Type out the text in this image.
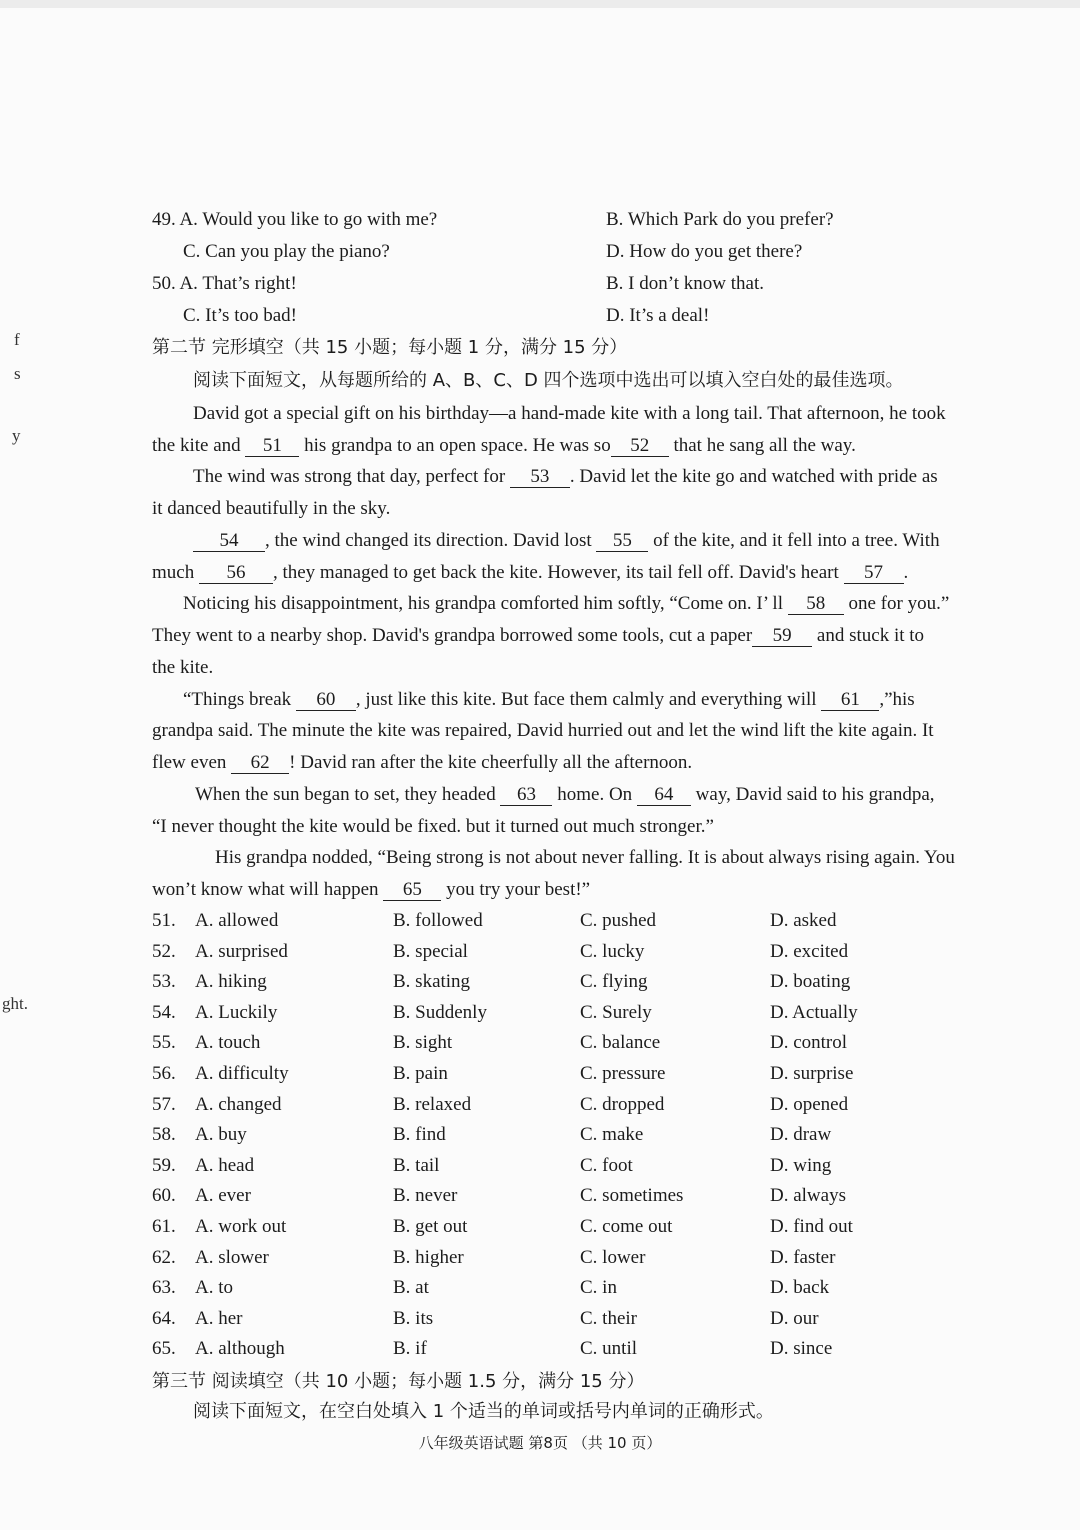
f
s
y
ght.
49. A. Would you like to go with me?	B. Which Park do you prefer?
C. Can you play the piano?	D. How do you get there?
50. A. That’s right!	B. I don’t know that.
C. It’s too bad!	D. It’s a deal!
第二节 完形填空（共 15 小题；每小题 1 分，满分 15 分）
阅读下面短文，从每题所给的 A、B、C、D 四个选项中选出可以填入空白处的最佳选项。
David got a special gift on his birthday—a hand-made kite with a long tail. That afternoon, he took
the kite and 51 his grandpa to an open space. He was so 52 that he sang all the way.
The wind was strong that day, perfect for 53 . David let the kite go and watched with pride as
it danced beautifully in the sky.
54 , the wind changed its direction. David lost 55 of the kite, and it fell into a tree. With
much 56 , they managed to get back the kite. However, its tail fell off. David's heart 57 .
Noticing his disappointment, his grandpa comforted him softly, “Come on. I’ ll 58 one for you.”
They went to a nearby shop. David's grandpa borrowed some tools, cut a paper 59 and stuck it to
the kite.
“Things break 60 , just like this kite. But face them calmly and everything will 61 ,”his
grandpa said. The minute the kite was repaired, David hurried out and let the wind lift the kite again. It
flew even 62 ! David ran after the kite cheerfully all the afternoon.
When the sun began to set, they headed 63 home. On 64 way, David said to his grandpa,
“I never thought the kite would be fixed. but it turned out much stronger.”
His grandpa nodded, “Being strong is not about never falling. It is about always rising again. You
won’t know what will happen 65 you try your best!”
51. A. allowed	B. followed	C. pushed	D. asked
52. A. surprised	B. special	C. lucky	D. excited
53. A. hiking	B. skating	C. flying	D. boating
54. A. Luckily	B. Suddenly	C. Surely	D. Actually
55. A. touch	B. sight	C. balance	D. control
56. A. difficulty	B. pain	C. pressure	D. surprise
57. A. changed	B. relaxed	C. dropped	D. opened
58. A. buy	B. find	C. make	D. draw
59. A. head	B. tail	C. foot	D. wing
60. A. ever	B. never	C. sometimes	D. always
61. A. work out	B. get out	C. come out	D. find out
62. A. slower	B. higher	C. lower	D. faster
63. A. to	B. at	C. in	D. back
64. A. her	B. its	C. their	D. our
65. A. although	B. if	C. until	D. since
第三节 阅读填空（共 10 小题；每小题 1.5 分，满分 15 分）
阅读下面短文，在空白处填入 1 个适当的单词或括号内单词的正确形式。
八年级英语试题 第8页 （共 10 页）
